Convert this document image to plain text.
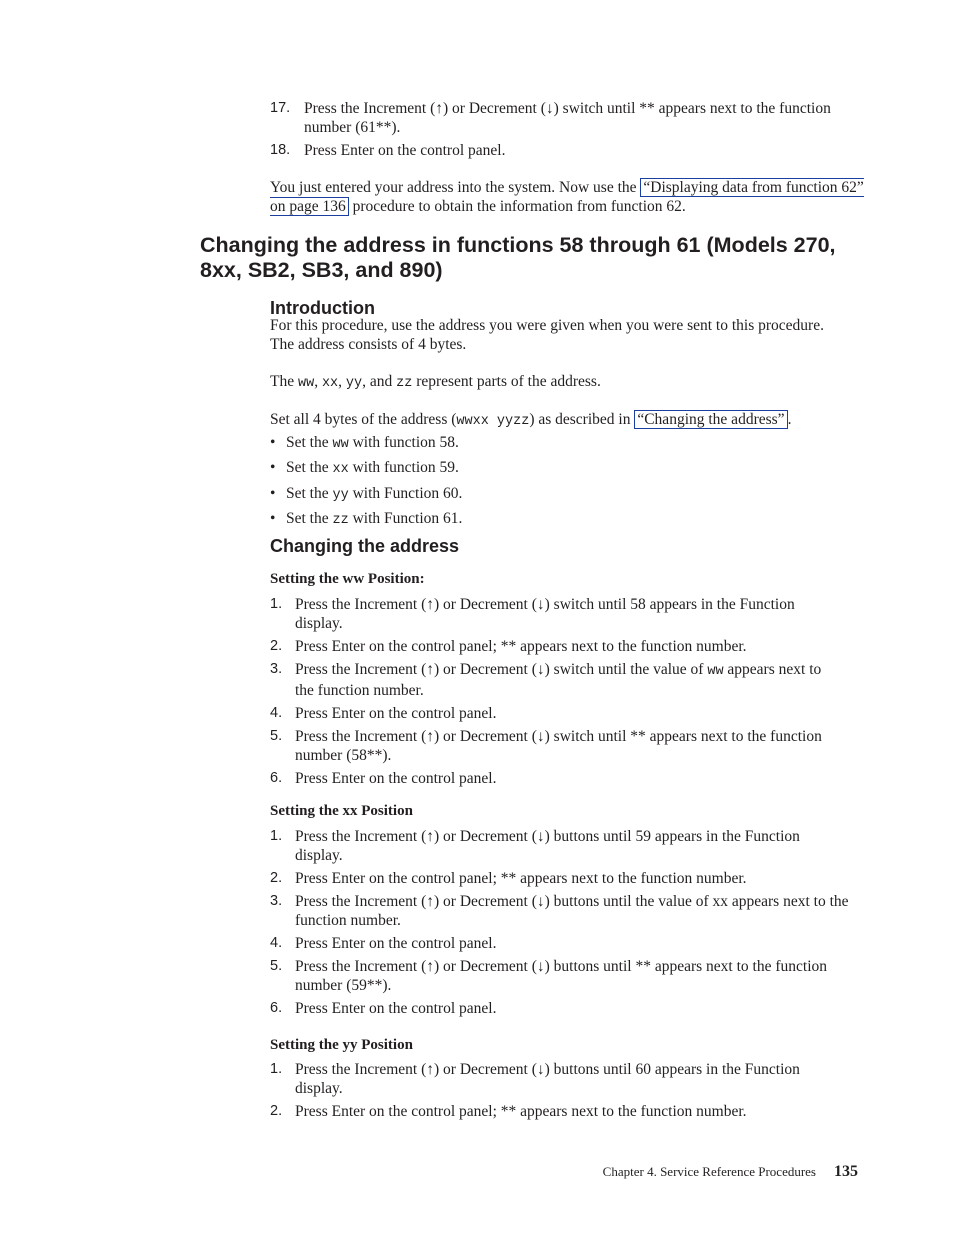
17. Press the Increment (↑) or Decrement (↓) switch until ** appears next to the function number (61**).
18. Press Enter on the control panel.

You just entered your address into the system. Now use the “Displaying data from function 62” on page 136 procedure to obtain the information from function 62.

Changing the address in functions 58 through 61 (Models 270, 8xx, SB2, SB3, and 890)
Introduction

For this procedure, use the address you were given when you were sent to this procedure. The address consists of 4 bytes.

The ww, xx, yy, and zz represent parts of the address.

Set all 4 bytes of the address (wwxx yyzz) as described in “Changing the address” .

• Set the ww with function 58.
• Set the xx with function 59.
• Set the yy with Function 60.
• Set the zz with Function 61.
Changing the address
Setting the ww Position:
1. Press the Increment (↑) or Decrement (↓) switch until 58 appears in the Function display.
2. Press Enter on the control panel; ** appears next to the function number.
3. Press the Increment (↑) or Decrement (↓) switch until the value of ww appears next to the function number.
4. Press Enter on the control panel.
5. Press the Increment (↑) or Decrement (↓) switch until ** appears next to the function number (58**).
6. Press Enter on the control panel.
Setting the xx Position
1. Press the Increment (↑) or Decrement (↓) buttons until 59 appears in the Function display.
2. Press Enter on the control panel; ** appears next to the function number.
3. Press the Increment (↑) or Decrement (↓) buttons until the value of xx appears next to the function number.
4. Press Enter on the control panel.
5. Press the Increment (↑) or Decrement (↓) buttons until ** appears next to the function number (59**).
6. Press Enter on the control panel.
Setting the yy Position
1. Press the Increment (↑) or Decrement (↓) buttons until 60 appears in the Function display.
2. Press Enter on the control panel; ** appears next to the function number.
Chapter 4. Service Reference Procedures 135
